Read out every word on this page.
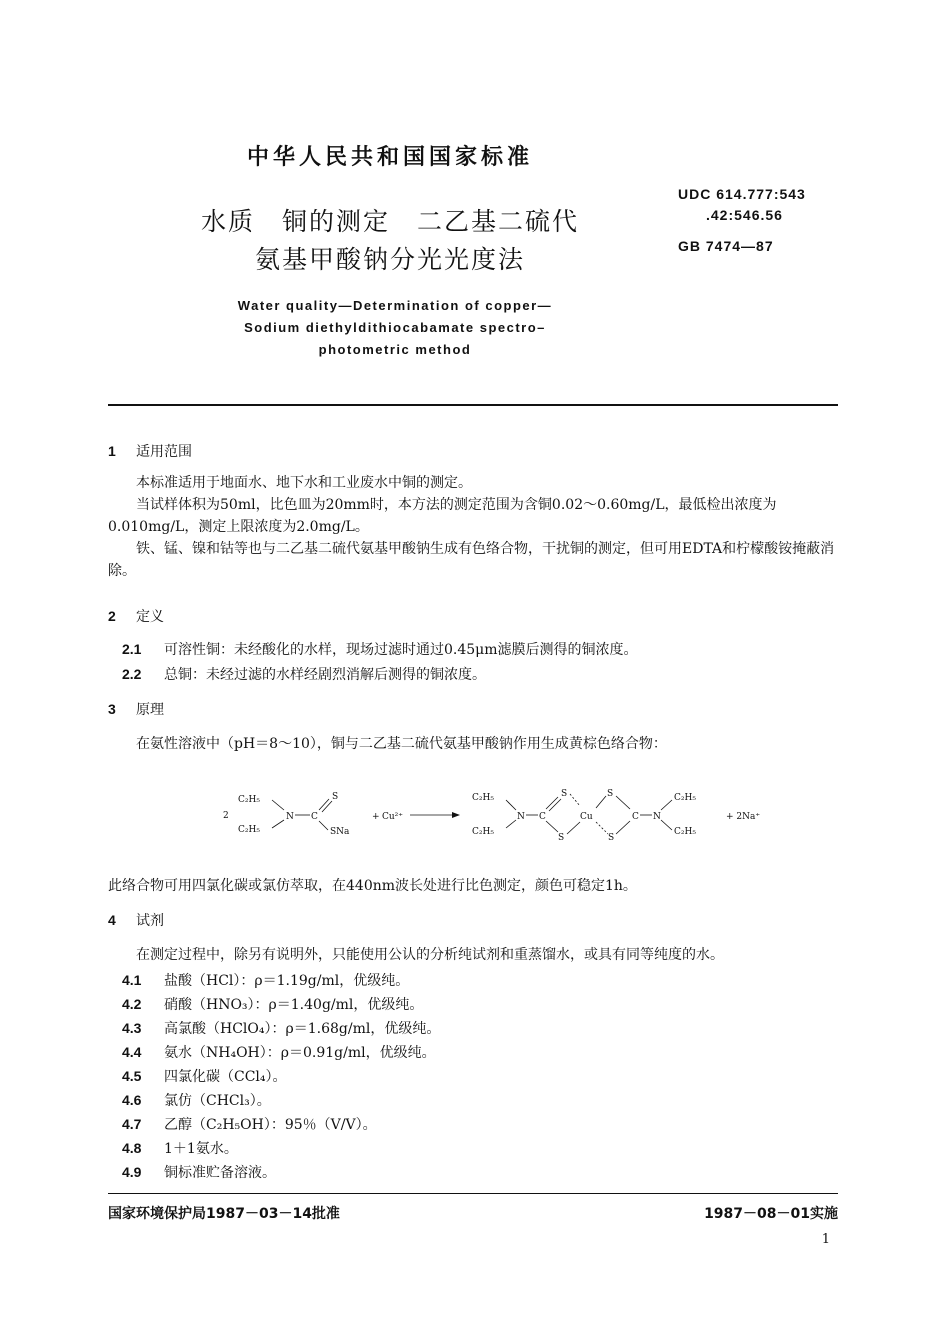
中华人民共和国国家标准
UDC 614.777:543
.42:546.56
GB 7474—87
水质　铜的测定　二乙基二硫代
氨基甲酸钠分光光度法
Water quality—Determination of copper—
Sodium diethyldithiocabamate spectro–
photometric method
1 适用范围

本标准适用于地面水、地下水和工业废水中铜的测定。

当试样体积为50ml，比色皿为20mm时，本方法的测定范围为含铜0.02～0.60mg/L，最低检出浓度为0.010mg/L，测定上限浓度为2.0mg/L。

铁、锰、镍和钴等也与二乙基二硫代氨基甲酸钠生成有色络合物，干扰铜的测定，但可用EDTA和柠檬酸铵掩蔽消除。

2 定义
2.1 可溶性铜：未经酸化的水样，现场过滤时通过0.45μm滤膜后测得的铜浓度。
2.2 总铜：未经过滤的水样经剧烈消解后测得的铜浓度。
3 原理

在氨性溶液中（pH＝8～10），铜与二乙基二硫代氨基甲酸钠作用生成黄棕色络合物：

2
C₂H₅
C₂H₅
N C
S
SNa
+ Cu²⁺
C₂H₅
C₂H₅
N C
S
S
Cu
S
S
C N
C₂H₅
C₂H₅
+ 2Na⁺

此络合物可用四氯化碳或氯仿萃取，在440nm波长处进行比色测定，颜色可稳定1h。

4 试剂

在测定过程中，除另有说明外，只能使用公认的分析纯试剂和重蒸馏水，或具有同等纯度的水。

4.1 盐酸（HCl）：ρ＝1.19g/ml，优级纯。
4.2 硝酸（HNO₃）：ρ＝1.40g/ml，优级纯。
4.3 高氯酸（HClO₄）：ρ＝1.68g/ml，优级纯。
4.4 氨水（NH₄OH）：ρ＝0.91g/ml，优级纯。
4.5 四氯化碳（CCl₄）。
4.6 氯仿（CHCl₃）。
4.7 乙醇（C₂H₅OH）：95％（V/V）。
4.8 1＋1氨水。
4.9 铜标准贮备溶液。
国家环境保护局1987－03－14批准	1987－08－01实施
1
